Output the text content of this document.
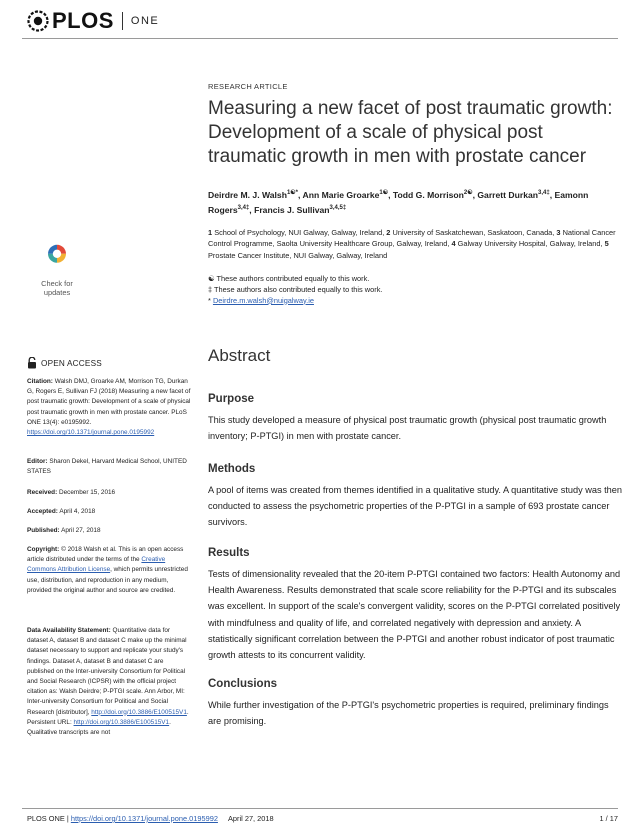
PLOS ONE
Check for updates
OPEN ACCESS
Citation: Walsh DMJ, Groarke AM, Morrison TG, Durkan G, Rogers E, Sullivan FJ (2018) Measuring a new facet of post traumatic growth: Development of a scale of physical post traumatic growth in men with prostate cancer. PLoS ONE 13(4): e0195992. https://doi.org/10.1371/journal.pone.0195992
Editor: Sharon Dekel, Harvard Medical School, UNITED STATES
Received: December 15, 2016
Accepted: April 4, 2018
Published: April 27, 2018
Copyright: © 2018 Walsh et al. This is an open access article distributed under the terms of the Creative Commons Attribution License, which permits unrestricted use, distribution, and reproduction in any medium, provided the original author and source are credited.
Data Availability Statement: Quantitative data for dataset A, dataset B and dataset C make up the minimal dataset necessary to support and replicate your study's findings. Dataset A, dataset B and dataset C are published on the Inter-university Consortium for Political and Social Research (ICPSR) with the official project citation as: Walsh Deirdre; P-PTGI scale. Ann Arbor, MI: Inter-university Consortium for Political and Social Research [distributor], http://doi.org/10.3886/E100515V1. Persistent URL: http://doi.org/10.3886/E100515V1. Qualitative transcripts are not
RESEARCH ARTICLE
Measuring a new facet of post traumatic growth: Development of a scale of physical post traumatic growth in men with prostate cancer
Deirdre M. J. Walsh$^{1☯*}$, Ann Marie Groarke$^{1☯}$, Todd G. Morrison$^{2☯}$, Garrett Durkan$^{3,4\ddagger}$, Eamonn Rogers$^{3,4\ddagger}$, Francis J. Sullivan$^{3,4,5\ddagger}$
1 School of Psychology, NUI Galway, Galway, Ireland, 2 University of Saskatchewan, Saskatoon, Canada, 3 National Cancer Control Programme, Saolta University Healthcare Group, Galway, Ireland, 4 Galway University Hospital, Galway, Ireland, 5 Prostate Cancer Institute, NUI Galway, Galway, Ireland
☯ These authors contributed equally to this work.
‡ These authors also contributed equally to this work.
* Deirdre.m.walsh@nuigalway.ie
Abstract
Purpose
This study developed a measure of physical post traumatic growth (physical post traumatic growth inventory; P-PTGI) in men with prostate cancer.
Methods
A pool of items was created from themes identified in a qualitative study. A quantitative study was then conducted to assess the psychometric properties of the P-PTGI in a sample of 693 prostate cancer survivors.
Results
Tests of dimensionality revealed that the 20-item P-PTGI contained two factors: Health Autonomy and Health Awareness. Results demonstrated that scale score reliability for the P-PTGI and its subscales was excellent. In support of the scale's convergent validity, scores on the P-PTGI correlated positively with mindfulness and quality of life, and correlated negatively with depression and anxiety. A statistically significant correlation between the P-PTGI and another robust indicator of post traumatic growth attests to its concurrent validity.
Conclusions
While further investigation of the P-PTGI's psychometric properties is required, preliminary findings are promising.
PLOS ONE | https://doi.org/10.1371/journal.pone.0195992 April 27, 2018	1 / 17
